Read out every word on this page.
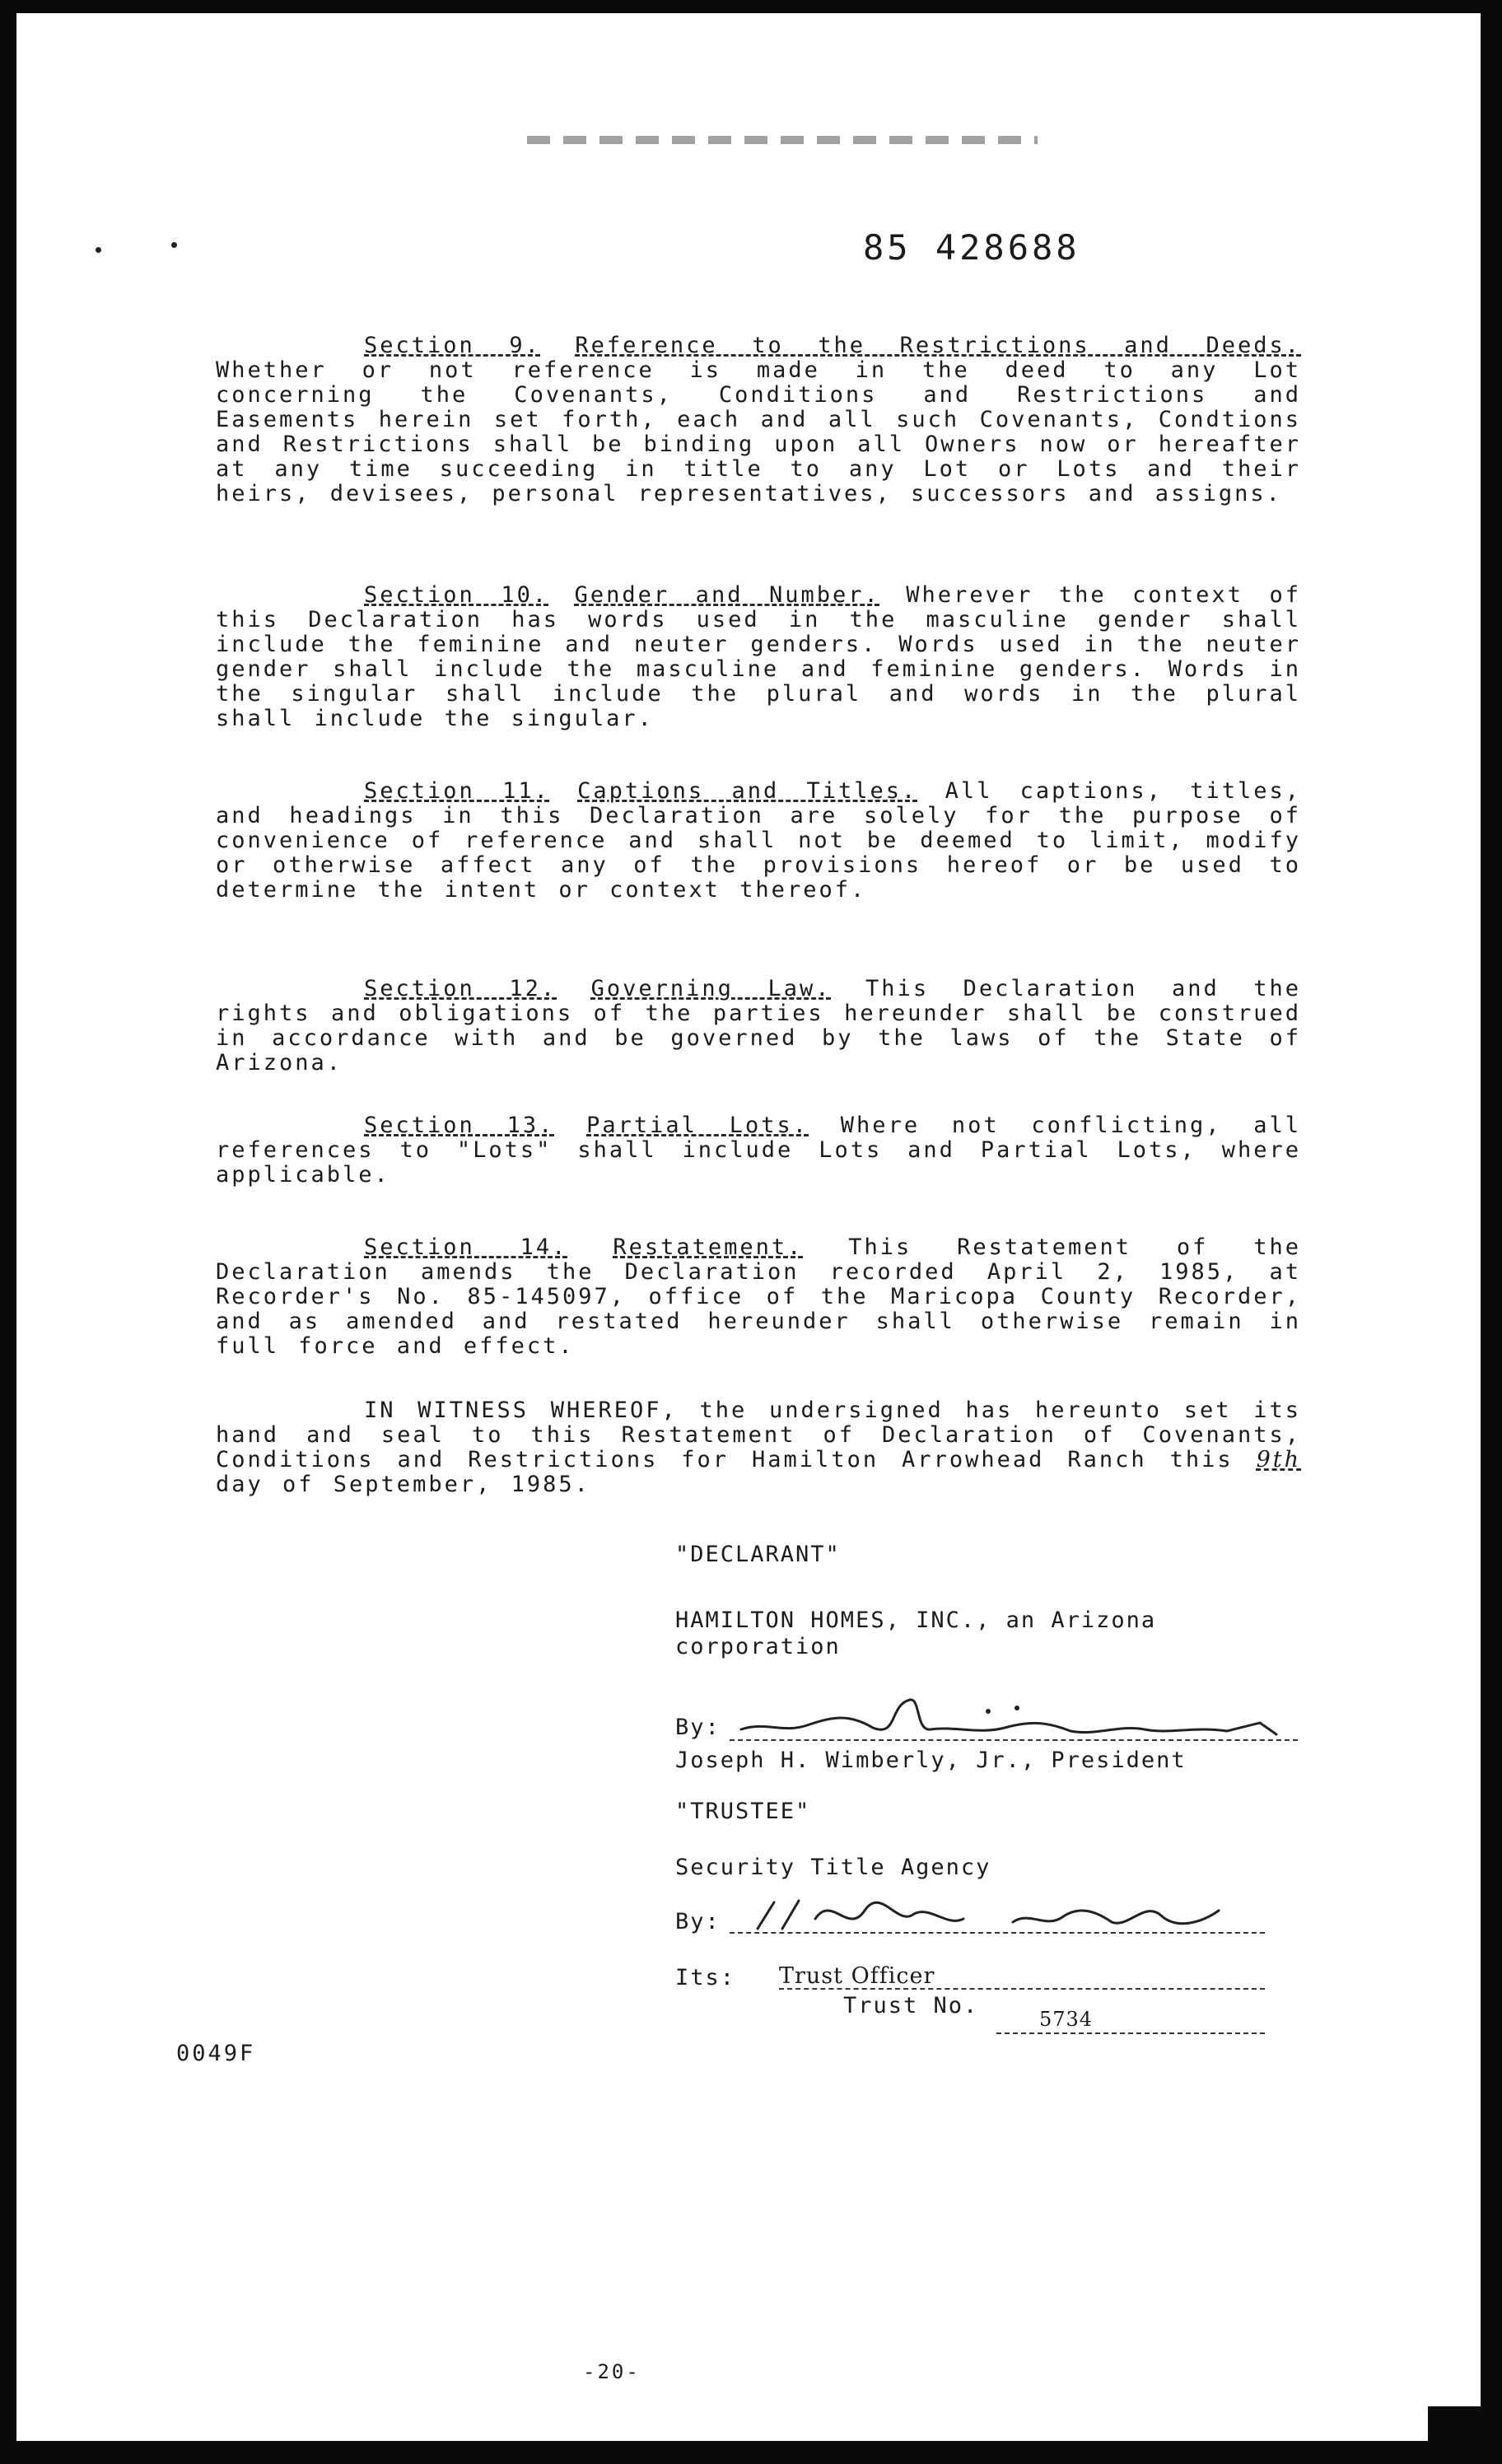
85 428688

Section 9. Reference to the Restrictions and Deeds. Whether or not reference is made in the deed to any Lot concerning the Covenants, Conditions and Restrictions and Easements herein set forth, each and all such Covenants, Condtions and Restrictions shall be binding upon all Owners now or hereafter at any time succeeding in title to any Lot or Lots and their heirs, devisees, personal representatives, successors and assigns.

Section 10. Gender and Number. Wherever the context of this Declaration has words used in the masculine gender shall include the feminine and neuter genders. Words used in the neuter gender shall include the masculine and feminine genders. Words in the singular shall include the plural and words in the plural shall include the singular.

Section 11. Captions and Titles. All captions, titles, and headings in this Declaration are solely for the purpose of convenience of reference and shall not be deemed to limit, modify or otherwise affect any of the provisions hereof or be used to determine the intent or context thereof.

Section 12. Governing Law. This Declaration and the rights and obligations of the parties hereunder shall be construed in accordance with and be governed by the laws of the State of Arizona.

Section 13. Partial Lots. Where not conflicting, all references to "Lots" shall include Lots and Partial Lots, where applicable.

Section 14. Restatement. This Restatement of the Declaration amends the Declaration recorded April 2, 1985, at Recorder's No. 85-145097, office of the Maricopa County Recorder, and as amended and restated hereunder shall otherwise remain in full force and effect.

IN WITNESS WHEREOF, the undersigned has hereunto set its hand and seal to this Restatement of Declaration of Covenants, Conditions and Restrictions for Hamilton Arrowhead Ranch this 9th day of September, 1985.

"DECLARANT"
HAMILTON HOMES, INC., an Arizona
corporation
By:
Joseph H. Wimberly, Jr., President
"TRUSTEE"
Security Title Agency
By:
Its: Trust Officer
Trust No.
5734
0049F
-20-
